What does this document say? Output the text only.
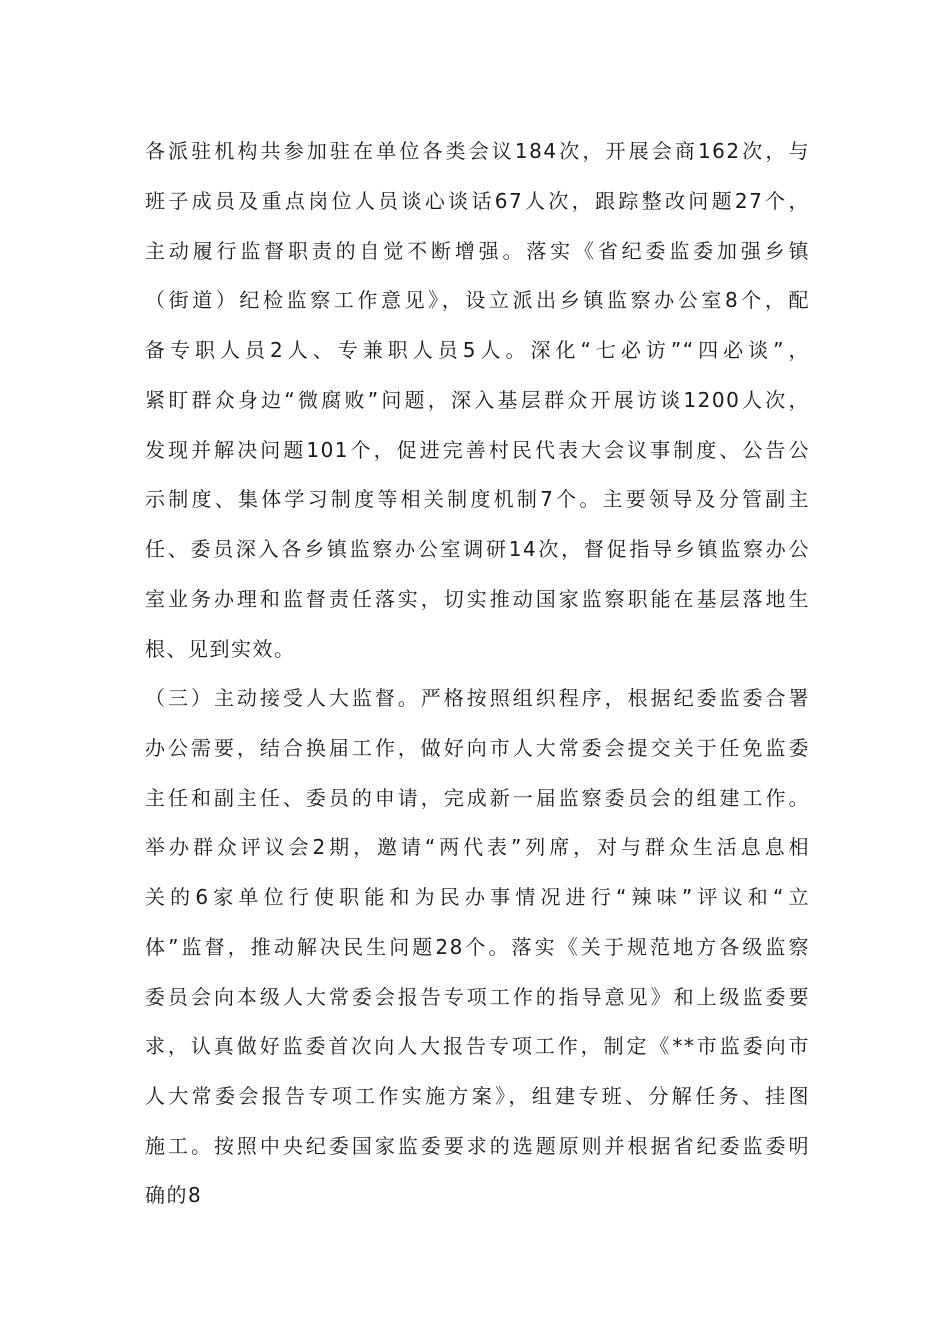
各派驻机构共参加驻在单位各类会议184次，开展会商162次，与
班子成员及重点岗位人员谈心谈话67人次，跟踪整改问题27个，
主动履行监督职责的自觉不断增强。落实《省纪委监委加强乡镇
（街道）纪检监察工作意见》，设立派出乡镇监察办公室8个，配
备专职人员2人、专兼职人员5人。深化“七必访”“四必谈”，
紧盯群众身边“微腐败”问题，深入基层群众开展访谈1200人次，
发现并解决问题101个，促进完善村民代表大会议事制度、公告公
示制度、集体学习制度等相关制度机制7个。主要领导及分管副主
任、委员深入各乡镇监察办公室调研14次，督促指导乡镇监察办公
室业务办理和监督责任落实，切实推动国家监察职能在基层落地生
根、见到实效。
（三）主动接受人大监督。严格按照组织程序，根据纪委监委合署
办公需要，结合换届工作，做好向市人大常委会提交关于任免监委
主任和副主任、委员的申请，完成新一届监察委员会的组建工作。
举办群众评议会2期，邀请“两代表”列席，对与群众生活息息相
关的6家单位行使职能和为民办事情况进行“辣味”评议和“立
体”监督，推动解决民生问题28个。落实《关于规范地方各级监察
委员会向本级人大常委会报告专项工作的指导意见》和上级监委要
求，认真做好监委首次向人大报告专项工作，制定《**市监委向市
人大常委会报告专项工作实施方案》，组建专班、分解任务、挂图
施工。按照中央纪委国家监委要求的选题原则并根据省纪委监委明
确的8
